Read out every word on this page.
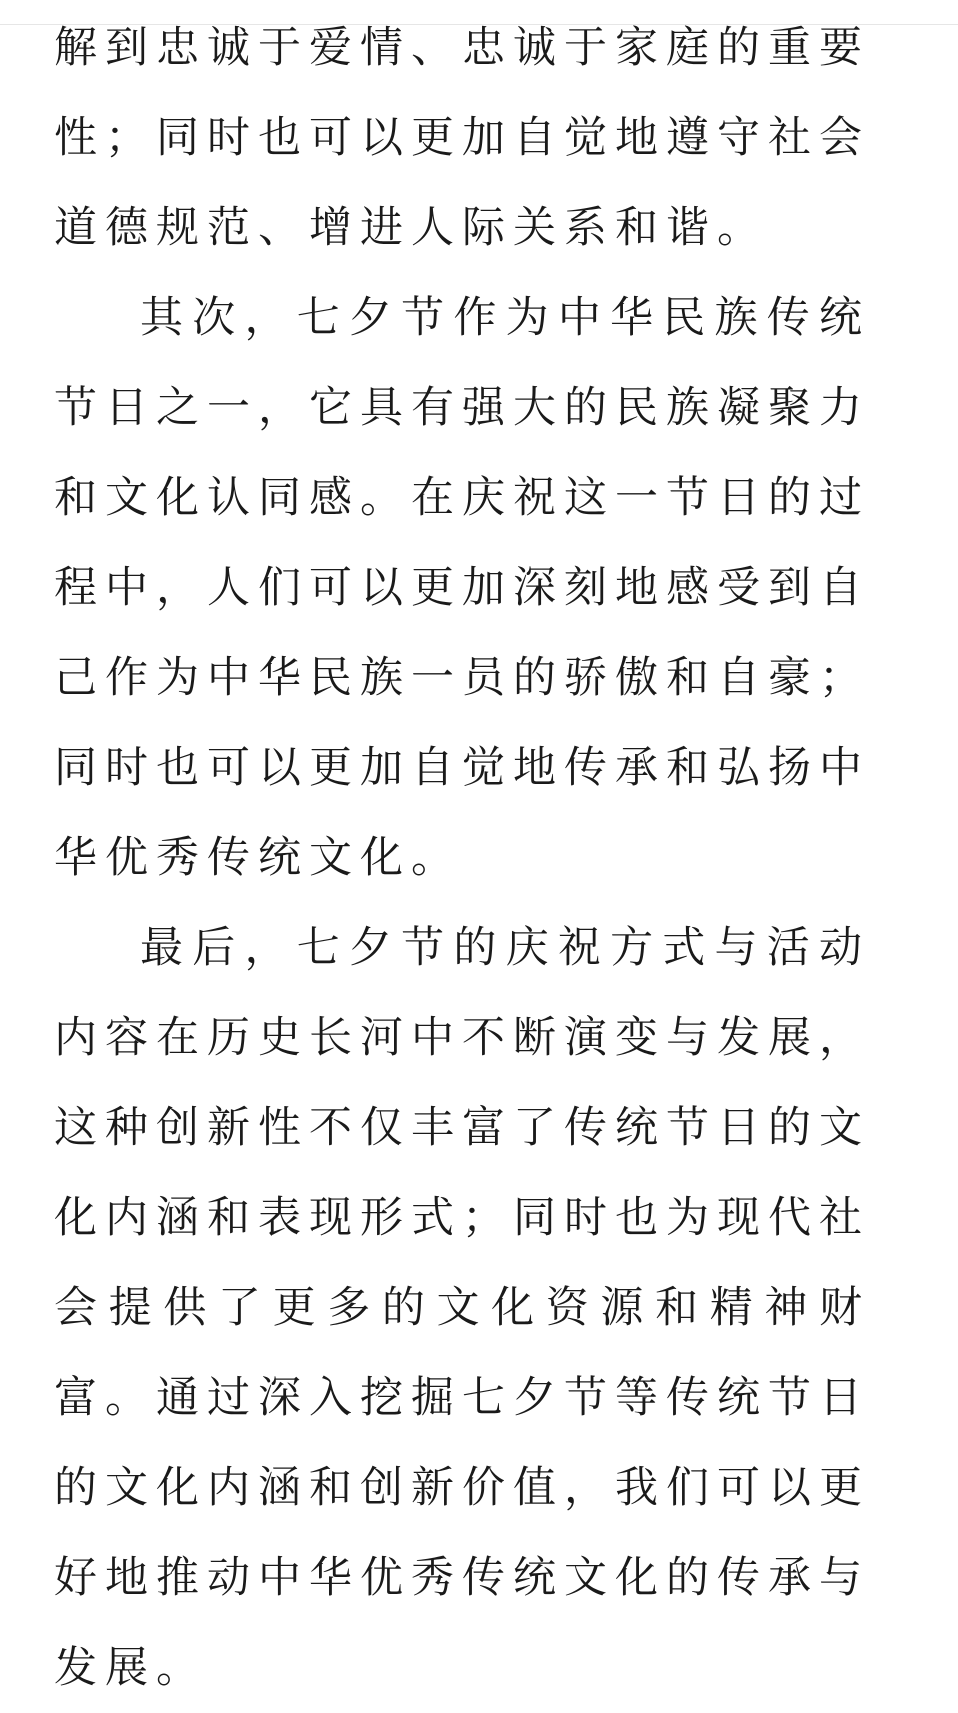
解到忠诚于爱情、忠诚于家庭的重要性；同时也可以更加自觉地遵守社会道德规范、增进人际关系和谐。

其次，七夕节作为中华民族传统节日之一，它具有强大的民族凝聚力和文化认同感。在庆祝这一节日的过程中，人们可以更加深刻地感受到自己作为中华民族一员的骄傲和自豪；同时也可以更加自觉地传承和弘扬中华优秀传统文化。

最后，七夕节的庆祝方式与活动内容在历史长河中不断演变与发展，这种创新性不仅丰富了传统节日的文化内涵和表现形式；同时也为现代社会提供了更多的文化资源和精神财富。通过深入挖掘七夕节等传统节日的文化内涵和创新价值，我们可以更好地推动中华优秀传统文化的传承与发展。
